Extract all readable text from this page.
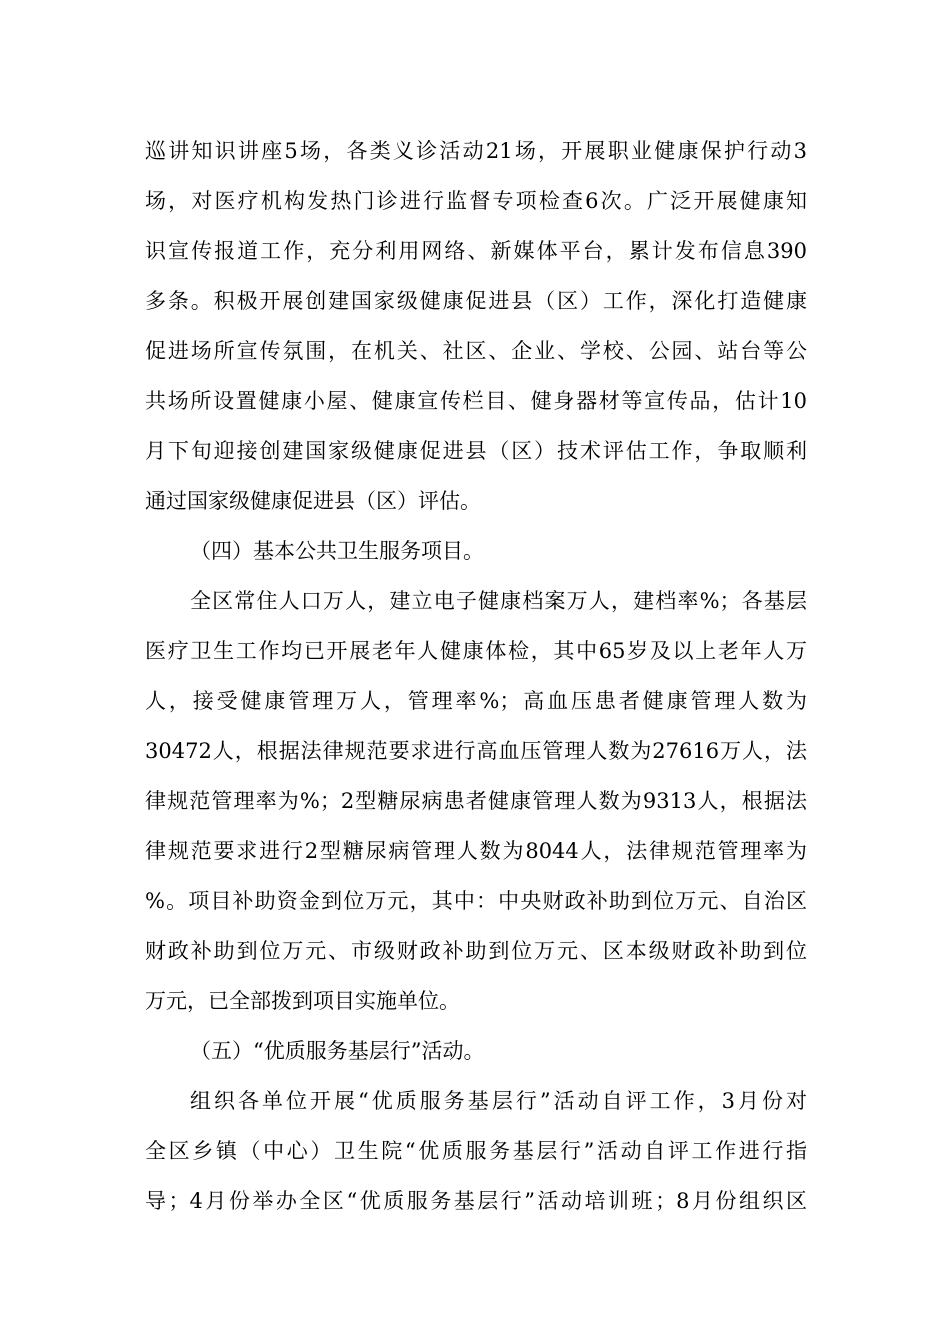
巡讲知识讲座5场，各类义诊活动21场，开展职业健康保护行动3
场，对医疗机构发热门诊进行监督专项检查6次。广泛开展健康知
识宣传报道工作，充分利用网络、新媒体平台，累计发布信息390
多条。积极开展创建国家级健康促进县（区）工作，深化打造健康
促进场所宣传氛围，在机关、社区、企业、学校、公园、站台等公
共场所设置健康小屋、健康宣传栏目、健身器材等宣传品，估计10
月下旬迎接创建国家级健康促进县（区）技术评估工作，争取顺利
通过国家级健康促进县（区）评估。
（四）基本公共卫生服务项目。
全区常住人口万人，建立电子健康档案万人，建档率%；各基层
医疗卫生工作均已开展老年人健康体检，其中65岁及以上老年人万
人，接受健康管理万人，管理率%；高血压患者健康管理人数为
30472人，根据法律规范要求进行高血压管理人数为27616万人，法
律规范管理率为%；2型糖尿病患者健康管理人数为9313人，根据法
律规范要求进行2型糖尿病管理人数为8044人，法律规范管理率为
%。项目补助资金到位万元，其中：中央财政补助到位万元、自治区
财政补助到位万元、市级财政补助到位万元、区本级财政补助到位
万元，已全部拨到项目实施单位。
（五）“优质服务基层行”活动。
组织各单位开展“优质服务基层行”活动自评工作，3月份对
全区乡镇（中心）卫生院“优质服务基层行”活动自评工作进行指
导；4月份举办全区“优质服务基层行”活动培训班；8月份组织区
